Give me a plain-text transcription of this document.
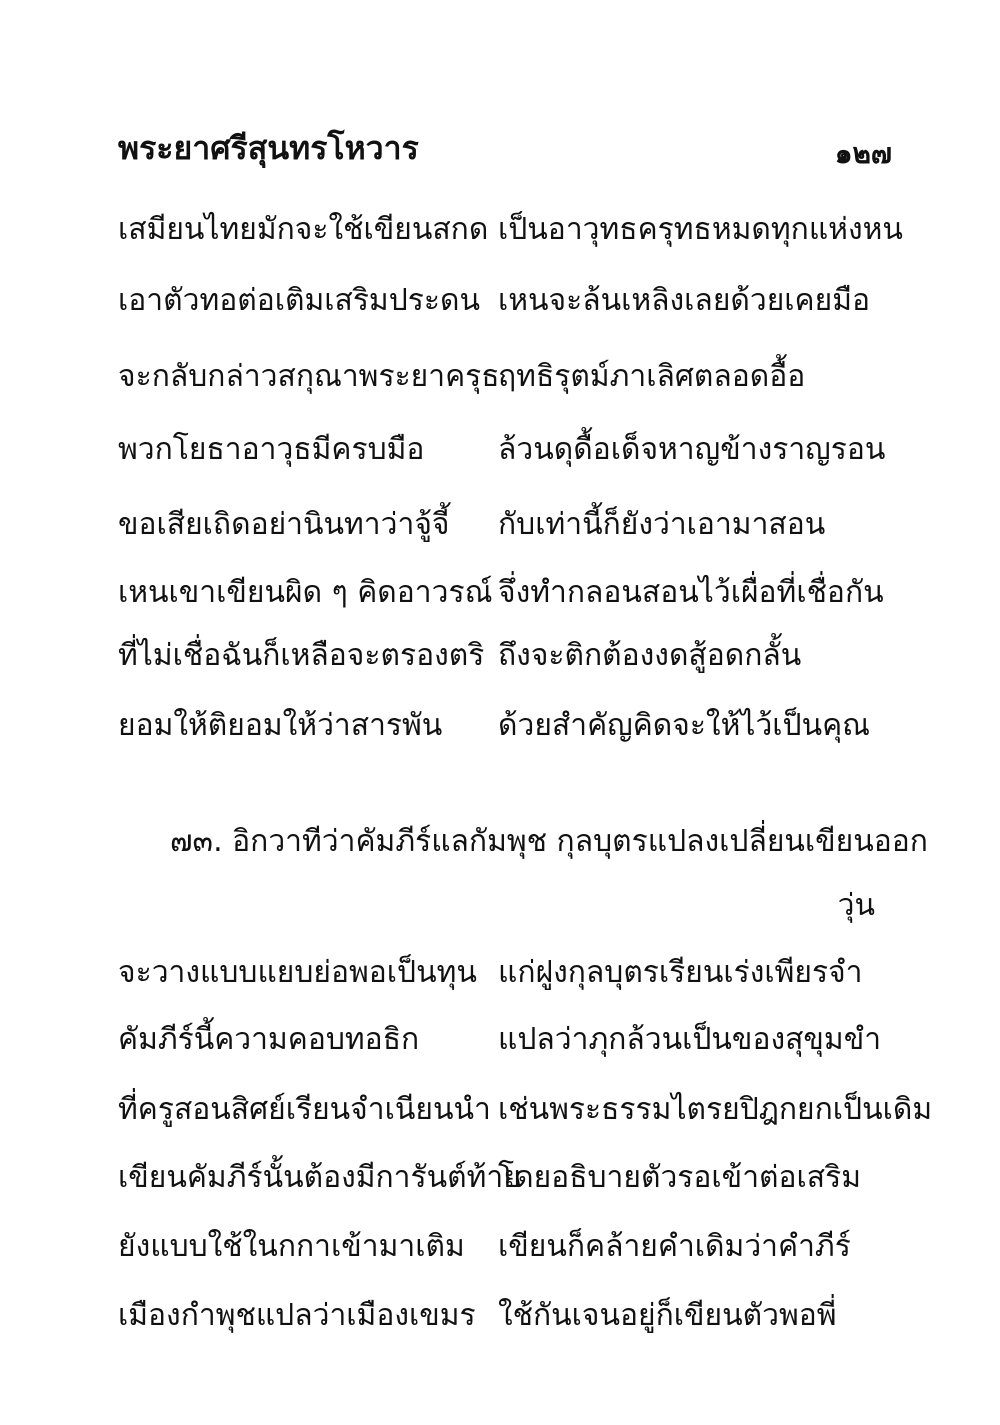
พระยาศรีสุนทรโหวาร	๑๒๗
เสมียนไทยมักจะใช้เขียนสกด เป็นอาวุทธครุทธหมดทุกแห่งหน
เอาตัวทอต่อเติมเสริมประดน เหนจะล้นเหลิงเลยด้วยเคยมือ
จะกลับกล่าวสกุณาพระยาครุธ
ฤทธิรุตม์ภาเลิศตลอดอื้อ
พวกโยธาอาวุธมีครบมือ ล้วนดุดื้อเด็จหาญข้างราญรอน
ขอเสียเถิดอย่านินทาว่าจู้จี้ กับเท่านี้ก็ยังว่าเอามาสอน
เหนเขาเขียนผิด ๆ คิดอาวรณ์ จึ่งทำกลอนสอนไว้เผื่อที่เชื่อกัน
ที่ไม่เชื่อฉันก็เหลือจะตรองตริ ถึงจะติกต้องงดสู้อดกลั้น
ยอมให้ติยอมให้ว่าสารพัน ด้วยสำคัญคิดจะให้ไว้เป็นคุณ
๗๓. อิกวาทีว่าคัมภีร์แลกัมพุช กุลบุตรแปลงเปลี่ยนเขียนออก
วุ่น
จะวางแบบแยบย่อพอเป็นทุน แก่ฝูงกุลบุตรเรียนเร่งเพียรจำ
คัมภีร์นี้ความคอบทอธิก	แปลว่าภุกล้วนเป็นของสุขุมขำ
ที่ครูสอนสิศย์เรียนจำเนียนนำ เช่นพระธรรมไตรยปิฎกยกเป็นเดิม
เขียนคัมภีร์นั้นต้องมีการันต์ท้าย
โดยอธิบายตัวรอเข้าต่อเสริม
ยังแบบใช้ในกกาเข้ามาเติม เขียนก็คล้ายคำเดิมว่าคำภีร์
เมืองกำพุชแปลว่าเมืองเขมร ใช้กันเจนอยู่ก็เขียนตัวพอพี่
